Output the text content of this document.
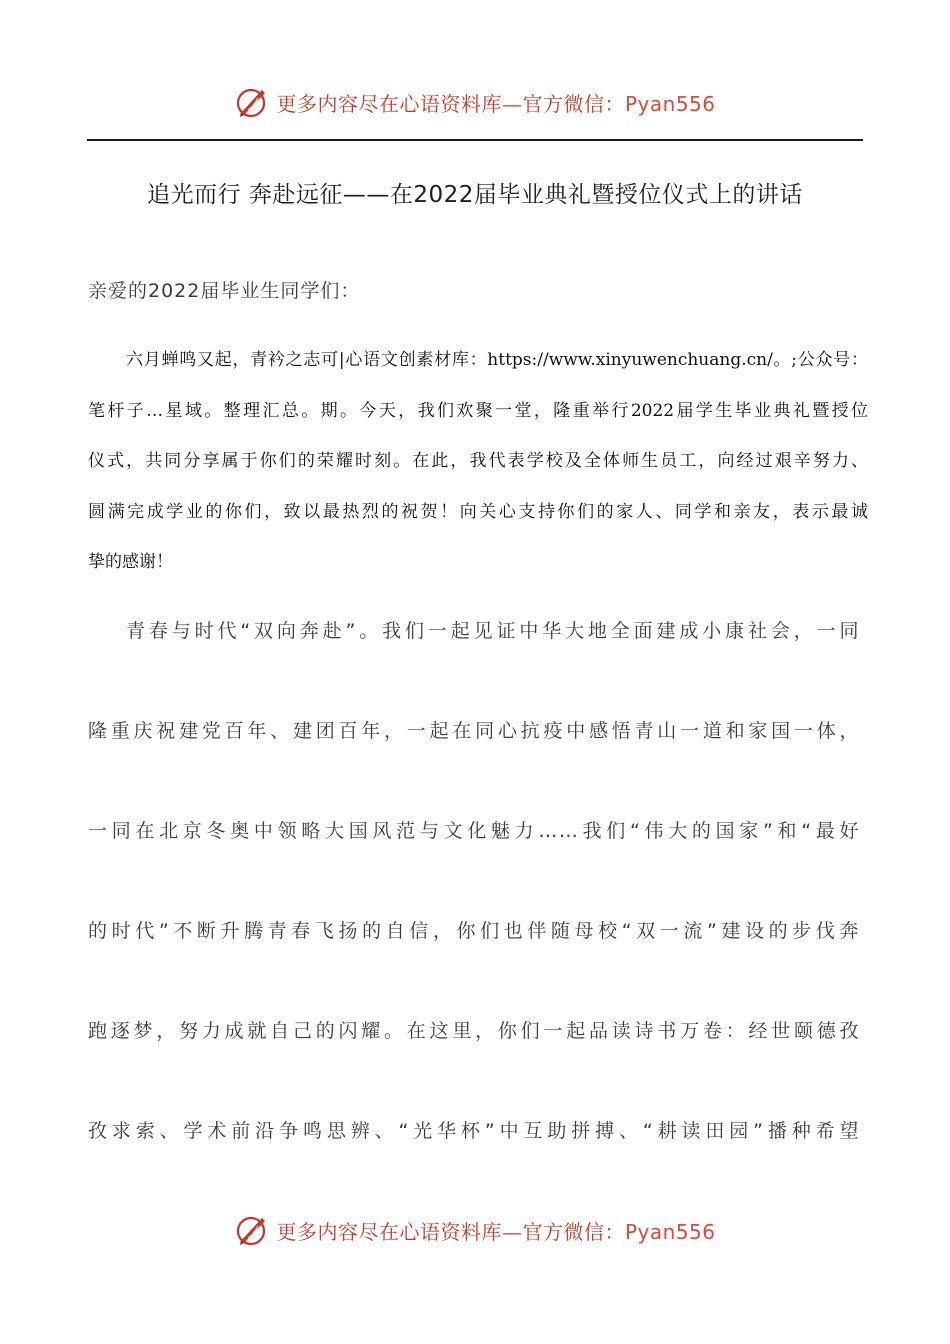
更多内容尽在心语资料库—官方微信：Pyan556
追光而行 奔赴远征——在2022届毕业典礼暨授位仪式上的讲话
亲爱的2022届毕业生同学们：
六月蝉鸣又起，青衿之志可|心语文创素材库：https://www.xinyuwenchuang.cn/。;公众号：
笔杆子…星域。整理汇总。期。今天，我们欢聚一堂，隆重举行2022届学生毕业典礼暨授位
仪式，共同分享属于你们的荣耀时刻。在此，我代表学校及全体师生员工，向经过艰辛努力、
圆满完成学业的你们，致以最热烈的祝贺！向关心支持你们的家人、同学和亲友，表示最诚
挚的感谢！
青春与时代“双向奔赴”。我们一起见证中华大地全面建成小康社会，一同
隆重庆祝建党百年、建团百年，一起在同心抗疫中感悟青山一道和家国一体，
一同在北京冬奥中领略大国风范与文化魅力……我们“伟大的国家”和“最好
的时代”不断升腾青春飞扬的自信，你们也伴随母校“双一流”建设的步伐奔
跑逐梦，努力成就自己的闪耀。在这里，你们一起品读诗书万卷：经世颐德孜
孜求索、学术前沿争鸣思辨、“光华杯”中互助拼搏、“耕读田园”播种希望
更多内容尽在心语资料库—官方微信：Pyan556
